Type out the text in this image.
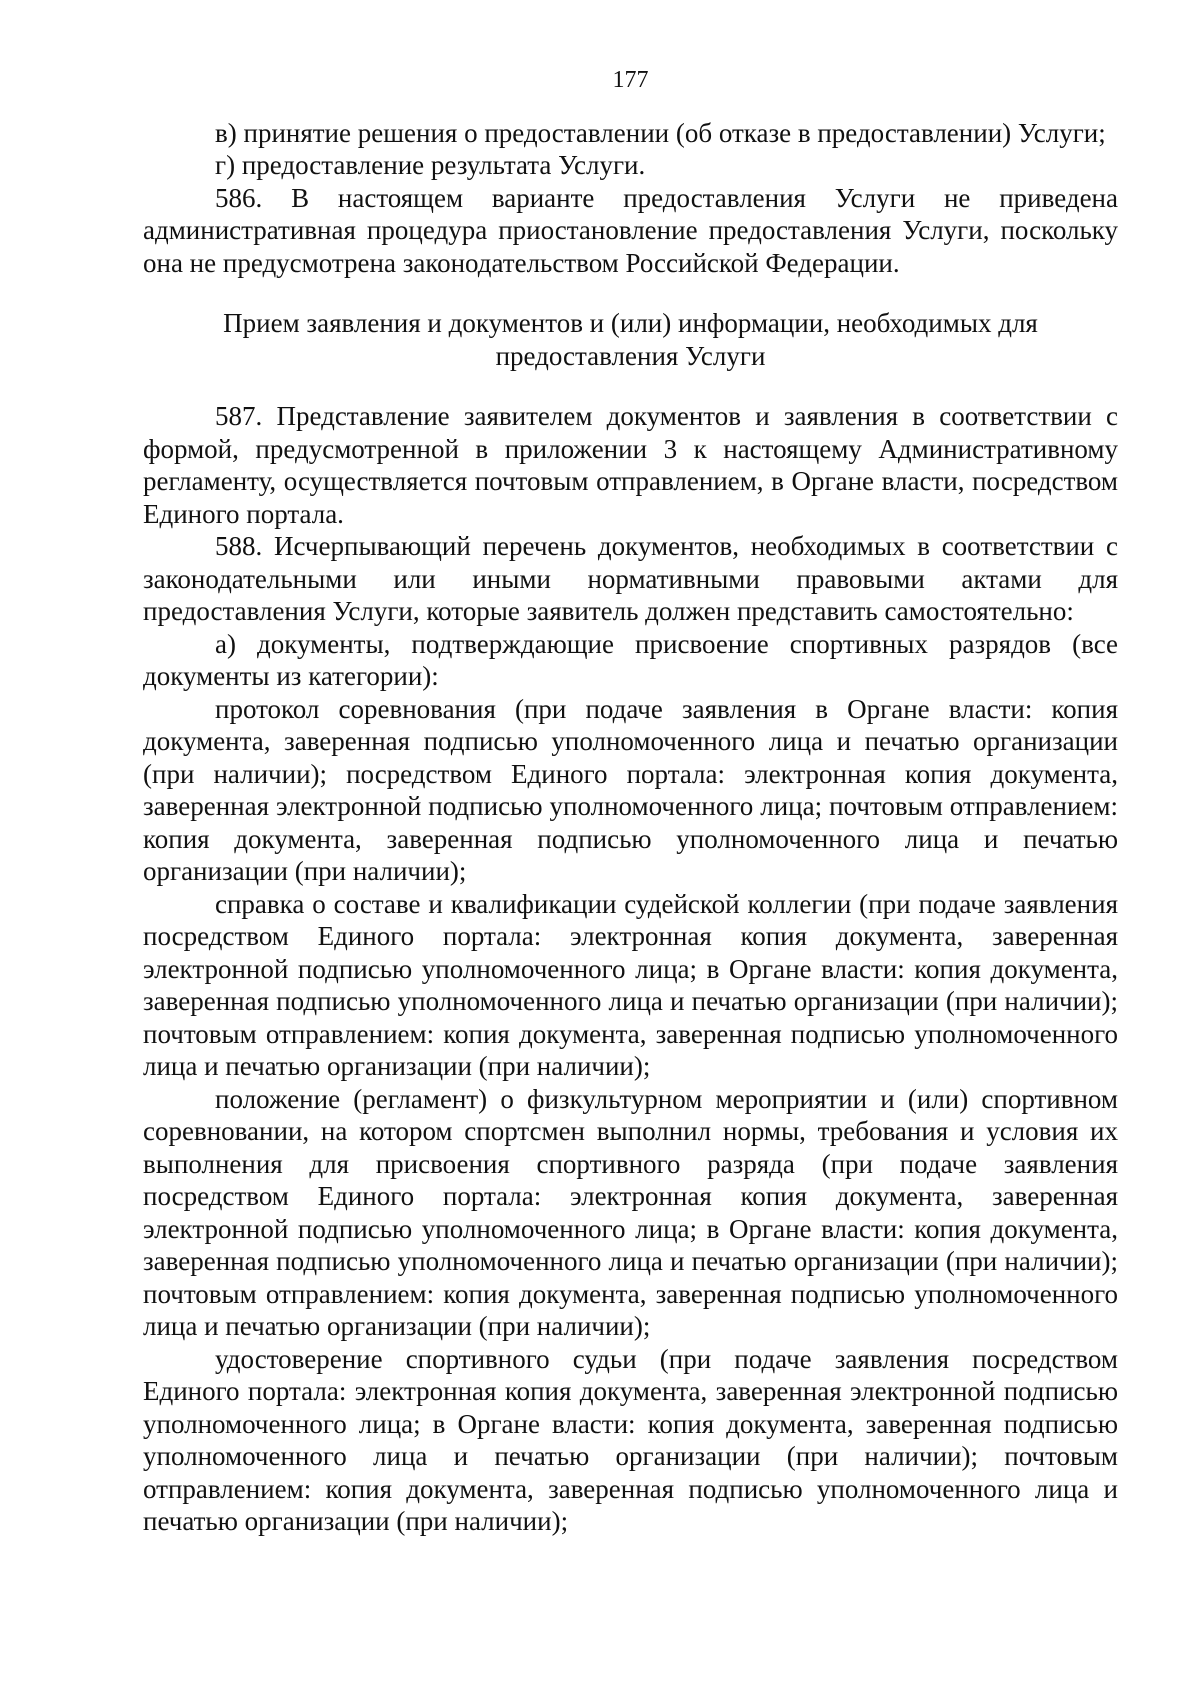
177

в) принятие решения о предоставлении (об отказе в предоставлении) Услуги;

г) предоставление результата Услуги.

586. В настоящем варианте предоставления Услуги не приведена административная процедура приостановление предоставления Услуги, поскольку она не предусмотрена законодательством Российской Федерации.

Прием заявления и документов и (или) информации, необходимых для предоставления Услуги

587. Представление заявителем документов и заявления в соответствии с формой, предусмотренной в приложении 3 к настоящему Административному регламенту, осуществляется почтовым отправлением, в Органе власти, посредством Единого портала.

588. Исчерпывающий перечень документов, необходимых в соответствии с законодательными или иными нормативными правовыми актами для предоставления Услуги, которые заявитель должен представить самостоятельно:

а) документы, подтверждающие присвоение спортивных разрядов (все документы из категории):

протокол соревнования (при подаче заявления в Органе власти: копия документа, заверенная подписью уполномоченного лица и печатью организации (при наличии); посредством Единого портала: электронная копия документа, заверенная электронной подписью уполномоченного лица; почтовым отправлением: копия документа, заверенная подписью уполномоченного лица и печатью организации (при наличии);

справка о составе и квалификации судейской коллегии (при подаче заявления посредством Единого портала: электронная копия документа, заверенная электронной подписью уполномоченного лица; в Органе власти: копия документа, заверенная подписью уполномоченного лица и печатью организации (при наличии); почтовым отправлением: копия документа, заверенная подписью уполномоченного лица и печатью организации (при наличии);

положение (регламент) о физкультурном мероприятии и (или) спортивном соревновании, на котором спортсмен выполнил нормы, требования и условия их выполнения для присвоения спортивного разряда (при подаче заявления посредством Единого портала: электронная копия документа, заверенная электронной подписью уполномоченного лица; в Органе власти: копия документа, заверенная подписью уполномоченного лица и печатью организации (при наличии); почтовым отправлением: копия документа, заверенная подписью уполномоченного лица и печатью организации (при наличии);

удостоверение спортивного судьи (при подаче заявления посредством Единого портала: электронная копия документа, заверенная электронной подписью уполномоченного лица; в Органе власти: копия документа, заверенная подписью уполномоченного лица и печатью организации (при наличии); почтовым отправлением: копия документа, заверенная подписью уполномоченного лица и печатью организации (при наличии);
